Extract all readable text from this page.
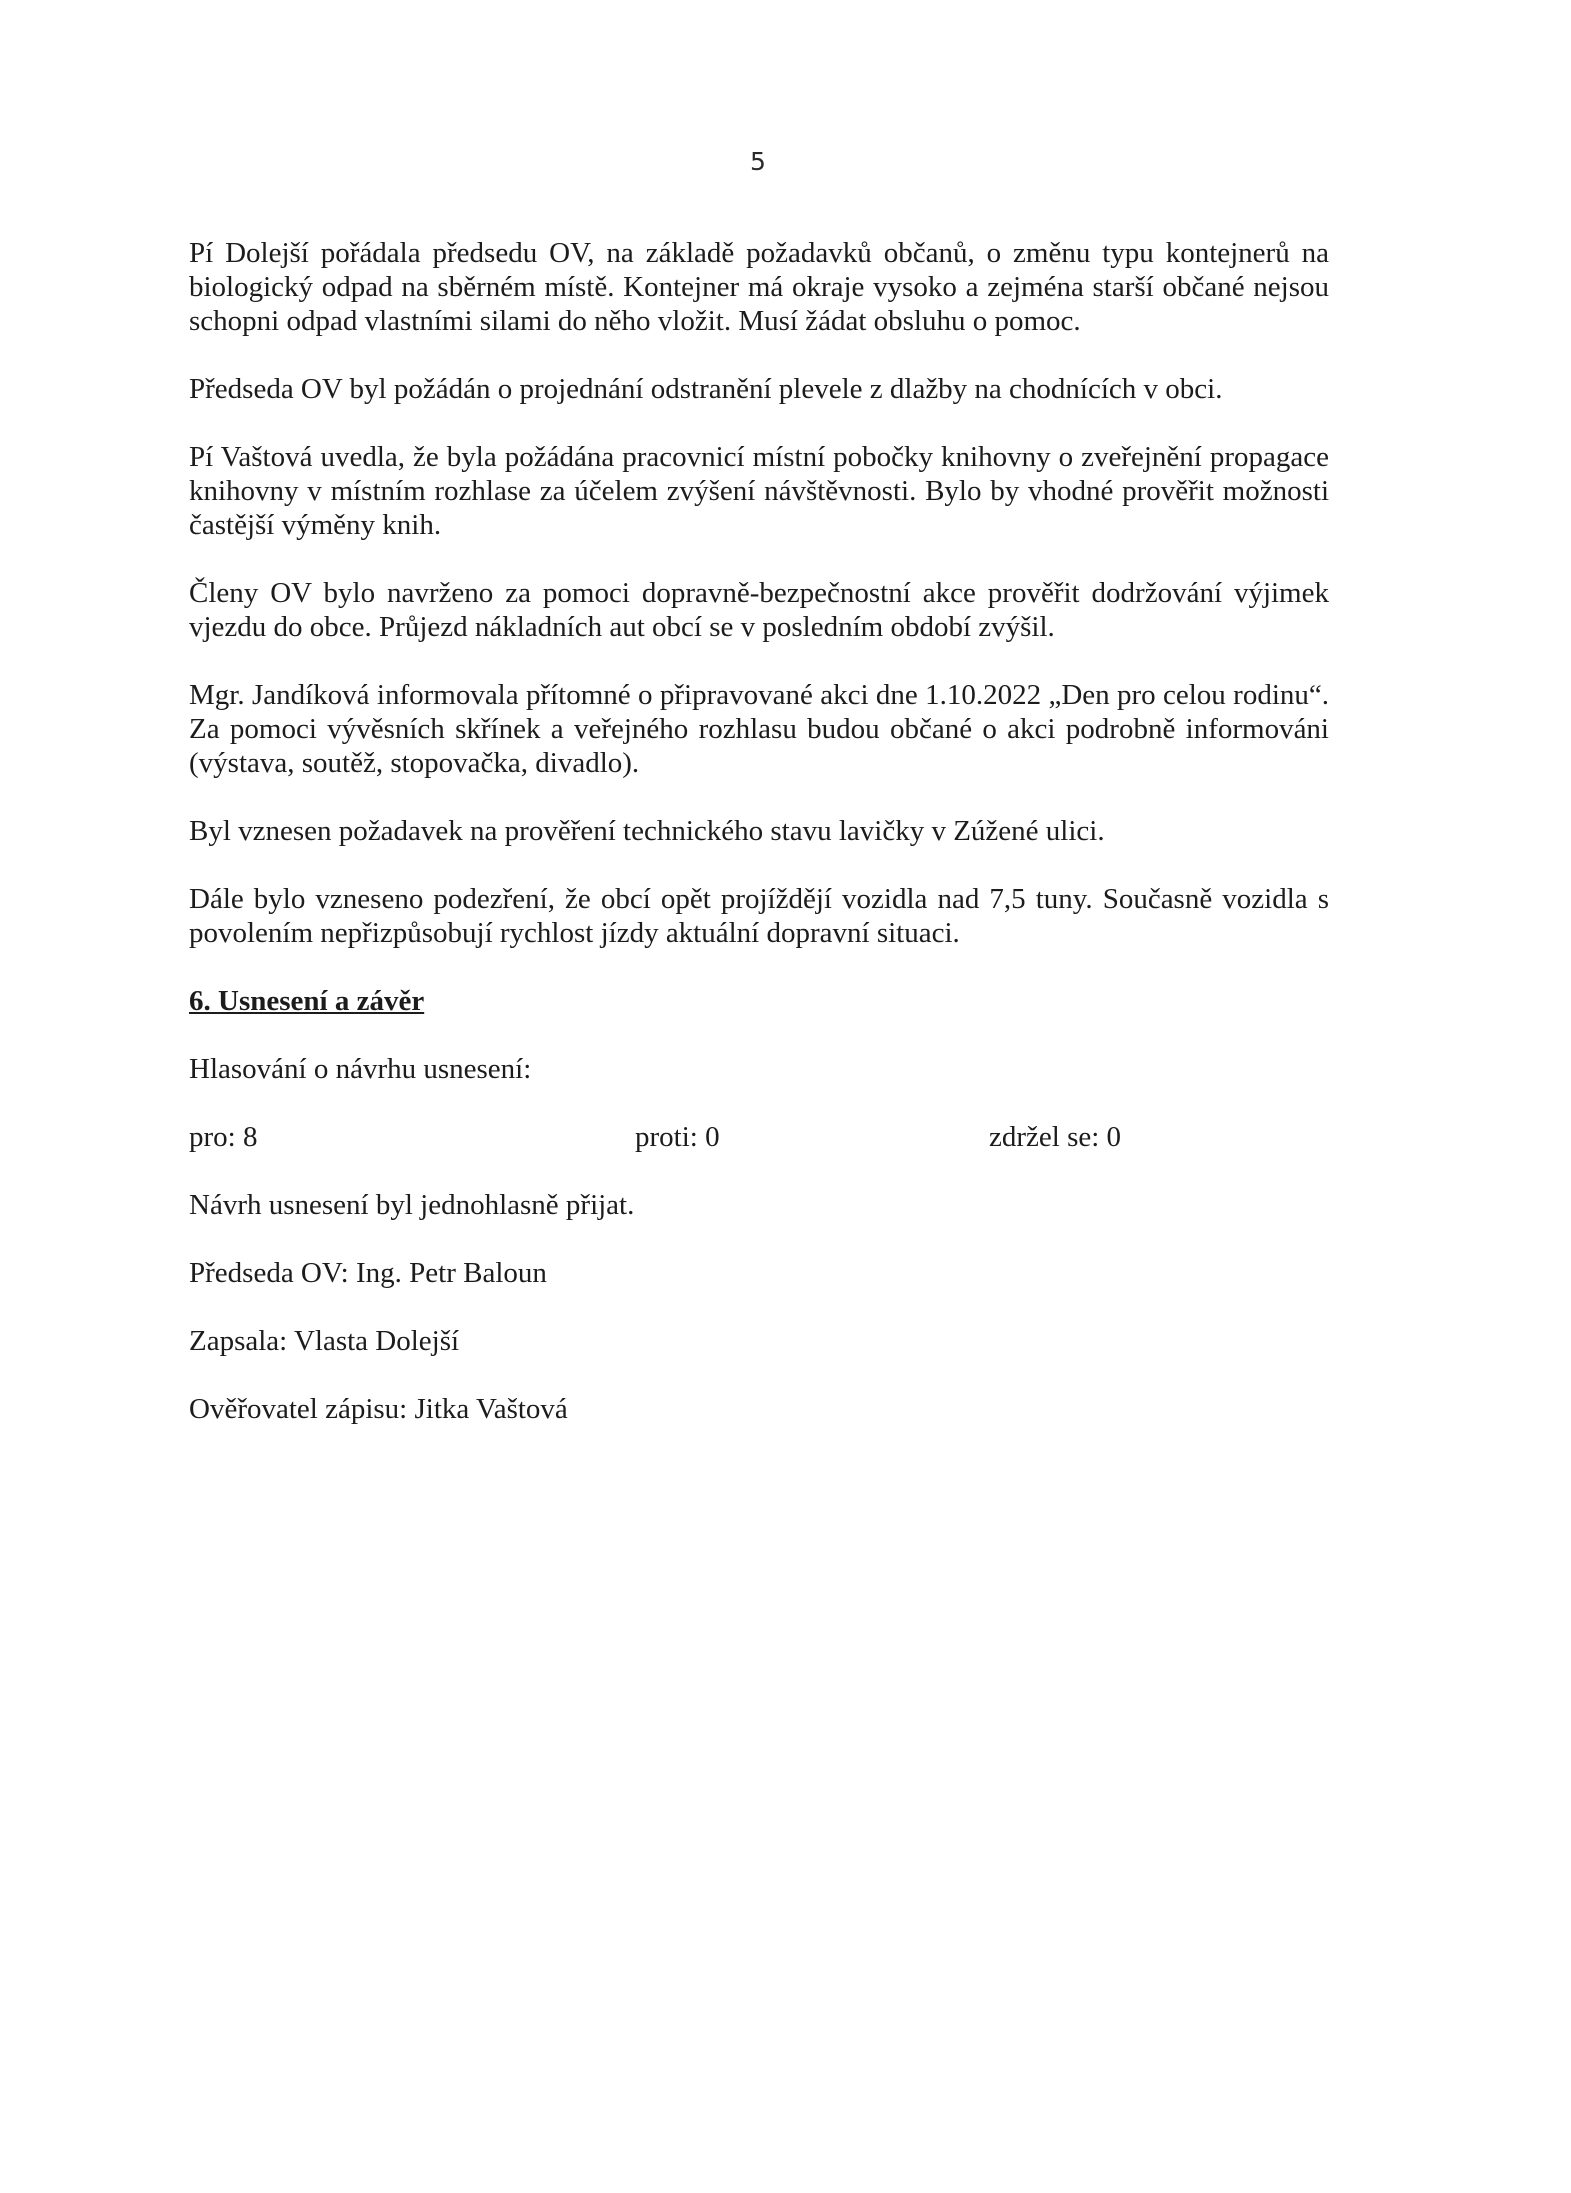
5

Pí Dolejší pořádala předsedu OV, na základě požadavků občanů, o změnu typu kontejnerů na biologický odpad na sběrném místě. Kontejner má okraje vysoko a zejména starší občané nejsou schopni odpad vlastními silami do něho vložit. Musí žádat obsluhu o pomoc.

Předseda OV byl požádán o projednání odstranění plevele z dlažby na chodnících v obci.

Pí Vaštová uvedla, že byla požádána pracovnicí místní pobočky knihovny o zveřejnění propagace knihovny v místním rozhlase za účelem zvýšení návštěvnosti. Bylo by vhodné prověřit možnosti častější výměny knih.

Členy OV bylo navrženo za pomoci dopravně-bezpečnostní akce prověřit dodržování výjimek vjezdu do obce. Průjezd nákladních aut obcí se v posledním období zvýšil.

Mgr. Jandíková informovala přítomné o připravované akci dne 1.10.2022 „Den pro celou rodinu“. Za pomoci vývěsních skřínek a veřejného rozhlasu budou občané o akci podrobně informováni (výstava, soutěž, stopovačka, divadlo).

Byl vznesen požadavek na prověření technického stavu lavičky v Zúžené ulici.

Dále bylo vzneseno podezření, že obcí opět projíždějí vozidla nad 7,5 tuny. Současně vozidla s povolením nepřizpůsobují rychlost jízdy aktuální dopravní situaci.

6. Usnesení a závěr

Hlasování o návrhu usnesení:

pro: 8	proti: 0	zdržel se: 0

Návrh usnesení byl jednohlasně přijat.

Předseda OV: Ing. Petr Baloun

Zapsala: Vlasta Dolejší

Ověřovatel zápisu: Jitka Vaštová
